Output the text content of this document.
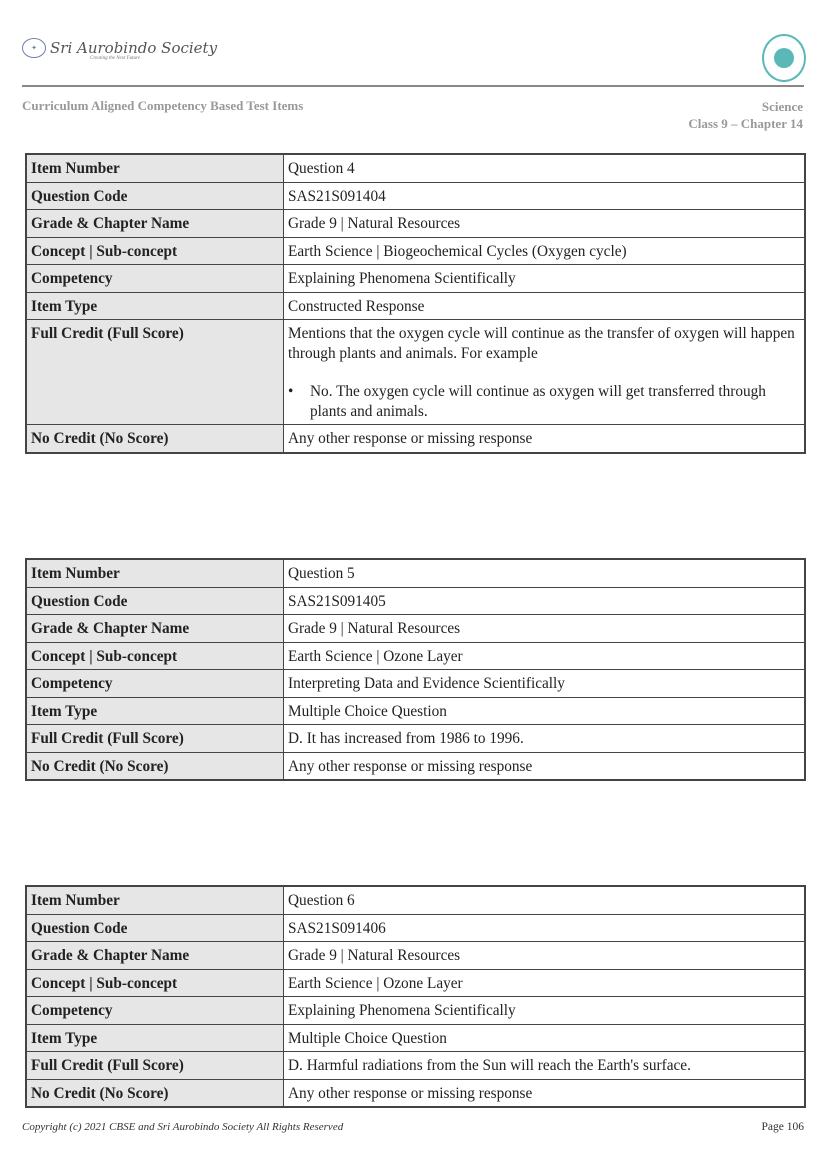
✦ Sri Aurobindo Society
Creating the Next Future
Curriculum Aligned Competency Based Test Items	Science
Class 9 – Chapter 14
Item Number	Question 4

Question Code	SAS21S091404

Grade & Chapter Name	Grade 9 | Natural Resources

Concept | Sub-concept	Earth Science | Biogeochemical Cycles (Oxygen cycle)

Competency	Explaining Phenomena Scientifically

Item Type	Constructed Response

Full Credit (Full Score)	Mentions that the oxygen cycle will continue as the transfer of oxygen will happen through plants and animals. For example
• No. The oxygen cycle will continue as oxygen will get transferred through plants and animals.

No Credit (No Score)	Any other response or missing response
Item Number	Question 5

Question Code	SAS21S091405

Grade & Chapter Name	Grade 9 | Natural Resources

Concept | Sub-concept	Earth Science | Ozone Layer

Competency	Interpreting Data and Evidence Scientifically

Item Type	Multiple Choice Question

Full Credit (Full Score)	D. It has increased from 1986 to 1996.

No Credit (No Score)	Any other response or missing response
Item Number	Question 6

Question Code	SAS21S091406

Grade & Chapter Name	Grade 9 | Natural Resources

Concept | Sub-concept	Earth Science | Ozone Layer

Competency	Explaining Phenomena Scientifically

Item Type	Multiple Choice Question

Full Credit (Full Score)	D. Harmful radiations from the Sun will reach the Earth's surface.

No Credit (No Score)	Any other response or missing response
Copyright (c) 2021 CBSE and Sri Aurobindo Society All Rights Reserved	Page 106
